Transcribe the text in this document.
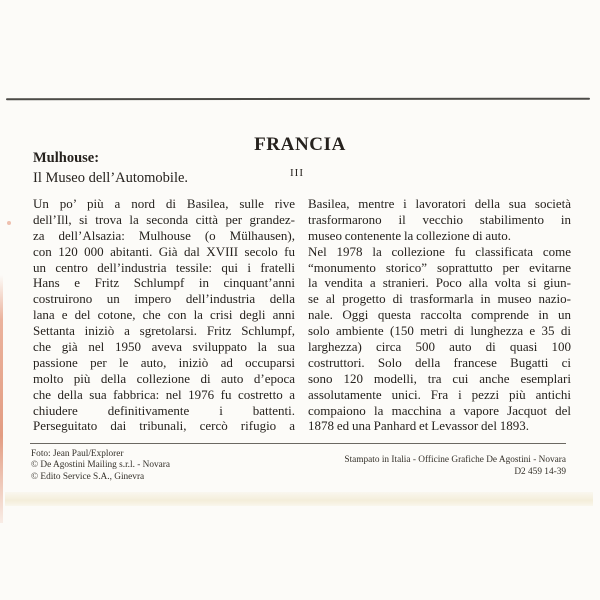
FRANCIA
III
Mulhouse:
Il Museo dell’Automobile.
Un po’ più a nord di Basilea, sulle rive
dell’Ill, si trova la seconda città per grandez-
za dell’Alsazia: Mulhouse (o Mülhausen),
con 120 000 abitanti. Già dal XVIII secolo fu
un centro dell’industria tessile: qui i fratelli
Hans e Fritz Schlumpf in cinquant’anni
costruirono un impero dell’industria della
lana e del cotone, che con la crisi degli anni
Settanta iniziò a sgretolarsi. Fritz Schlumpf,
che già nel 1950 aveva sviluppato la sua
passione per le auto, iniziò ad occuparsi
molto più della collezione di auto d’epoca
che della sua fabbrica: nel 1976 fu costretto a
chiudere definitivamente i battenti.
Perseguitato dai tribunali, cercò rifugio a
Basilea, mentre i lavoratori della sua società
trasformarono il vecchio stabilimento in
museo contenente la collezione di auto.
Nel 1978 la collezione fu classificata come
“monumento storico” soprattutto per evitarne
la vendita a stranieri. Poco alla volta si giun-
se al progetto di trasformarla in museo nazio-
nale. Oggi questa raccolta comprende in un
solo ambiente (150 metri di lunghezza e 35 di
larghezza) circa 500 auto di quasi 100
costruttori. Solo della francese Bugatti ci
sono 120 modelli, tra cui anche esemplari
assolutamente unici. Fra i pezzi più antichi
compaiono la macchina a vapore Jacquot del
1878 ed una Panhard et Levassor del 1893.
Foto: Jean Paul/Explorer
© De Agostini Mailing s.r.l. - Novara
© Edito Service S.A., Ginevra
Stampato in Italia - Officine Grafiche De Agostini - Novara
D2 459 14-39
